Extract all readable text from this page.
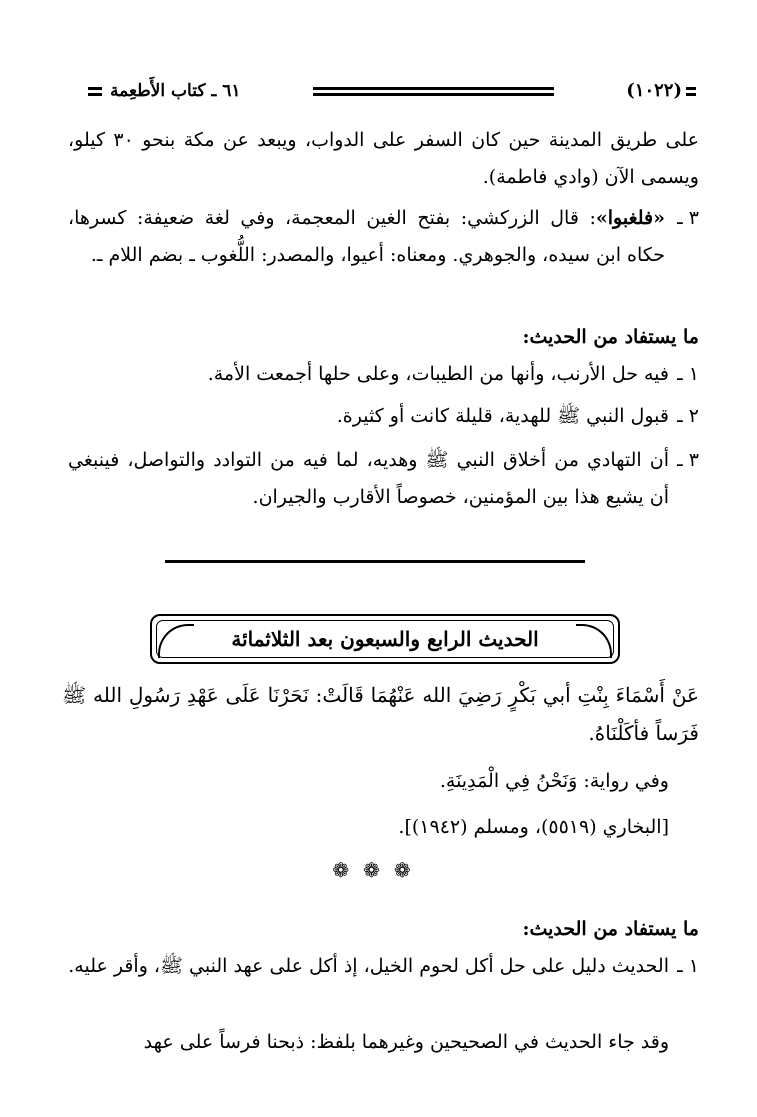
(١٠٢٢)
٦١ ـ كتاب الأَطعِمة
على طريق المدينة حين كان السفر على الدواب، ويبعد عن مكة بنحو ٣٠ كيلو، ويسمى الآن (وادي فاطمة).
٣ ـ
«فلغبوا»: قال الزركشي: بفتح الغين المعجمة، وفي لغة ضعيفة: كسرها، حكاه ابن سيده، والجوهري. ومعناه: أعيوا، والمصدر: اللُّغوب ـ بضم اللام ـ.
ما يستفاد من الحديث:
١ ـ
فيه حل الأرنب، وأنها من الطيبات، وعلى حلها أجمعت الأمة.
٢ ـ
قبول النبي ﷺ للهدية، قليلة كانت أو كثيرة.
٣ ـ
أن التهادي من أخلاق النبي ﷺ وهديه، لما فيه من التوادد والتواصل، فينبغي أن يشيع هذا بين المؤمنين، خصوصاً الأقارب والجيران.
الحديث الرابع والسبعون بعد الثلاثمائة
عَنْ أَسْمَاءَ بِنْتِ أبي بَكْرٍ رَضِيَ الله عَنْهُمَا قَالَتْ: نَحَرْنَا عَلَى عَهْدِ رَسُولِ الله ﷺ فَرَساً فأكَلْنَاهُ.
وفي رواية: وَنَحْنُ فِي الْمَدِينَةِ.
[البخاري (٥٥١٩)، ومسلم (١٩٤٢)].
❁❁❁
ما يستفاد من الحديث:
١ ـ
الحديث دليل على حل أكل لحوم الخيل، إذ أكل على عهد النبي ﷺ، وأقر عليه.
وقد جاء الحديث في الصحيحين وغيرهما بلفظ: ذبحنا فرساً على عهد
